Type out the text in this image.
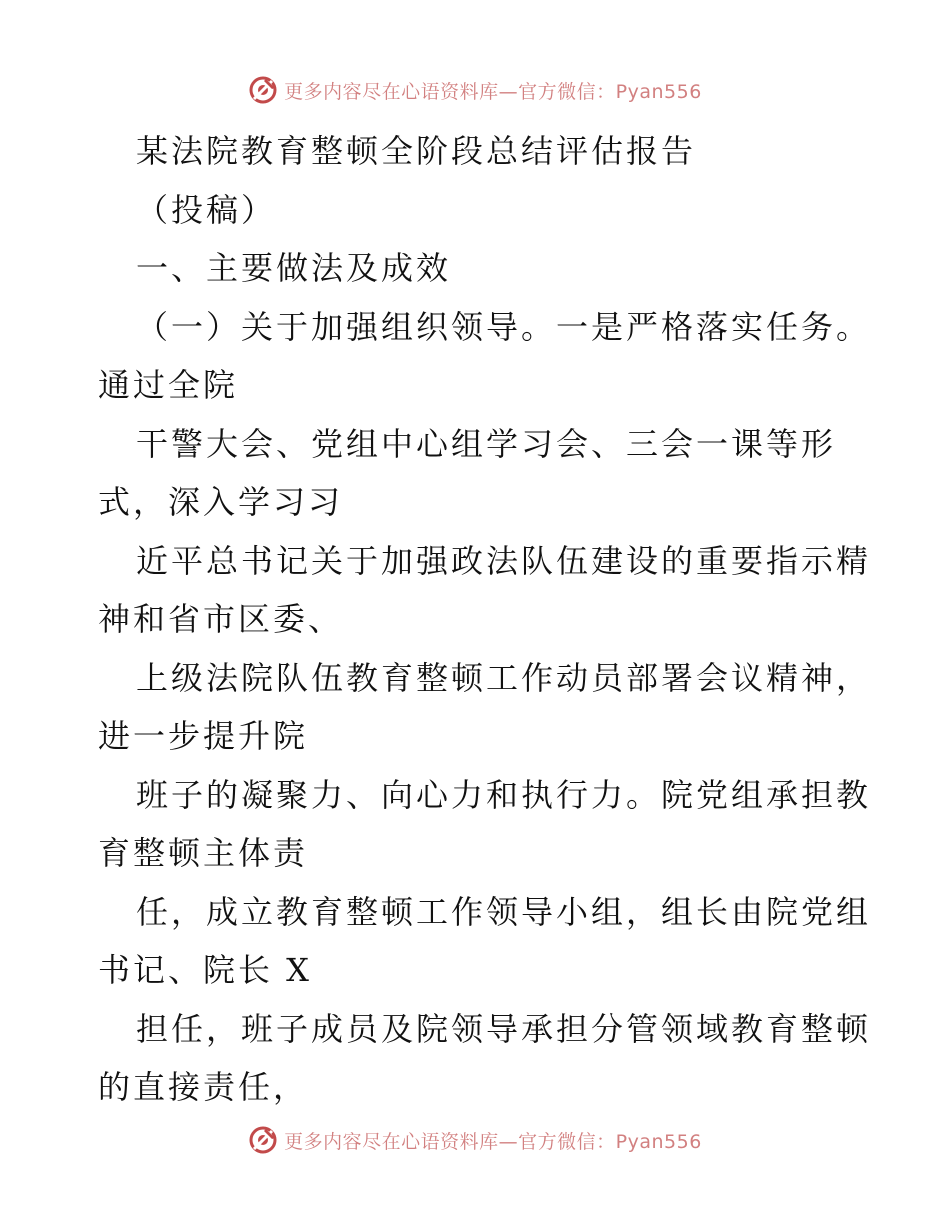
更多内容尽在心语资料库—官方微信：Pyan556
某法院教育整顿全阶段总结评估报告
（投稿）
一、主要做法及成效
（一）关于加强组织领导。一是严格落实任务。
通过全院
干警大会、党组中心组学习会、三会一课等形
式，深入学习习
近平总书记关于加强政法队伍建设的重要指示精
神和省市区委、
上级法院队伍教育整顿工作动员部署会议精神，
进一步提升院
班子的凝聚力、向心力和执行力。院党组承担教
育整顿主体责
任，成立教育整顿工作领导小组，组长由院党组
书记、院长 X
担任，班子成员及院领导承担分管领域教育整顿
的直接责任，
更多内容尽在心语资料库—官方微信：Pyan556
